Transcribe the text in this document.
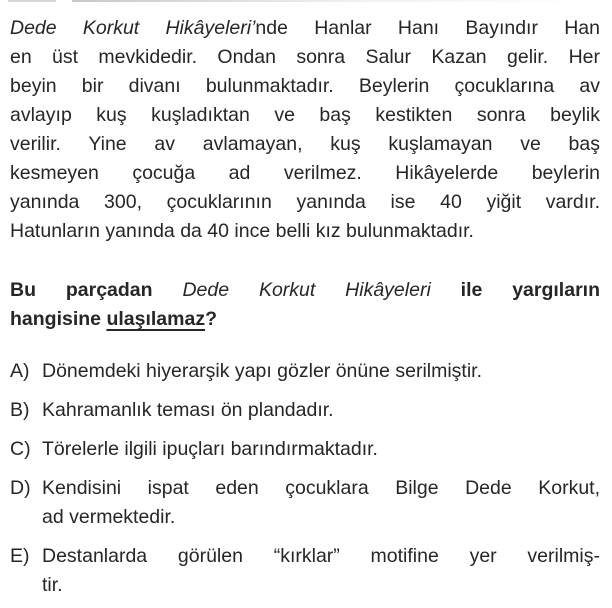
Dede Korkut Hikâyeleri’nde Hanlar Hanı Bayındır Han
en üst mevkidedir. Ondan sonra Salur Kazan gelir. Her
beyin bir divanı bulunmaktadır. Beylerin çocuklarına av
avlayıp kuş kuşladıktan ve baş kestikten sonra beylik
verilir. Yine av avlamayan, kuş kuşlamayan ve baş
kesmeyen çocuğa ad verilmez. Hikâyelerde beylerin
yanında 300, çocuklarının yanında ise 40 yiğit vardır.
Hatunların yanında da 40 ince belli kız bulunmaktadır.
Bu parçadan Dede Korkut Hikâyeleri ile yargıların
hangisine ulaşılamaz?
A) Dönemdeki hiyerarşik yapı gözler önüne serilmiştir.
B) Kahramanlık teması ön plandadır.
C) Törelerle ilgili ipuçları barındırmaktadır.
D) Kendisini ispat eden çocuklara Bilge Dede Korkut,
ad vermektedir.
E) Destanlarda görülen “kırklar” motifine yer verilmiş-
tir.
